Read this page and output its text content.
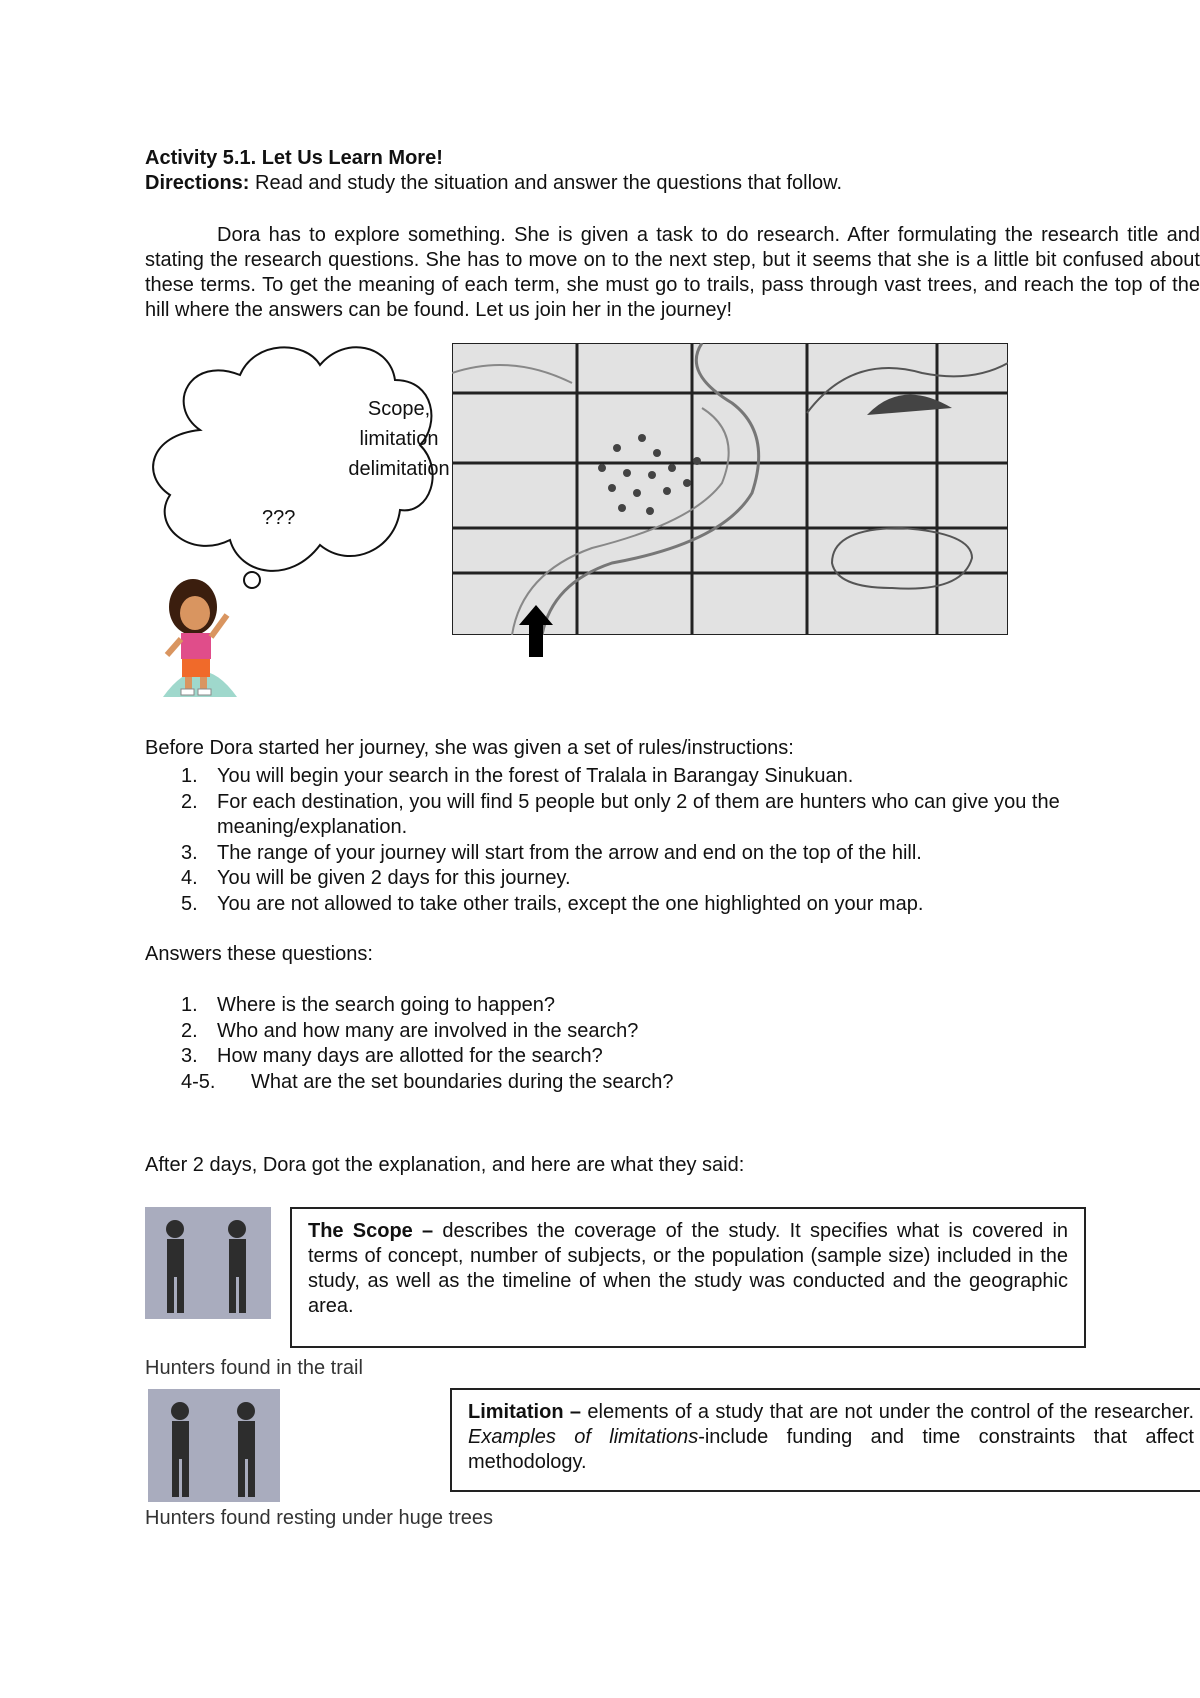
Activity 5.1. Let Us Learn More!
Directions: Read and study the situation and answer the questions that follow.
Dora has to explore something. She is given a task to do research. After formulating the research title and stating the research questions. She has to move on to the next step, but it seems that she is a little bit confused about these terms. To get the meaning of each term, she must go to trails, pass through vast trees, and reach the top of the hill where the answers can be found. Let us join her in the journey!
Scope,
limitation
delimitation
???
Before Dora started her journey, she was given a set of rules/instructions:
1. You will begin your search in the forest of Tralala in Barangay Sinukuan.
2. For each destination, you will find 5 people but only 2 of them are hunters who can give you the meaning/explanation.
3. The range of your journey will start from the arrow and end on the top of the hill.
4. You will be given 2 days for this journey.
5. You are not allowed to take other trails, except the one highlighted on your map.
Answers these questions:
1. Where is the search going to happen?
2. Who and how many are involved in the search?
3. How many days are allotted for the search?
4-5. What are the set boundaries during the search?
After 2 days, Dora got the explanation, and here are what they said:

The Scope – describes the coverage of the study. It specifies what is covered in terms of concept, number of subjects, or the population (sample size) included in the study, as well as the timeline of when the study was conducted and the geographic area.

Hunters found in the trail

Limitation – elements of a study that are not under the control of the researcher. Examples of limitations-include funding and time constraints that affect methodology.

Hunters found resting under huge trees
